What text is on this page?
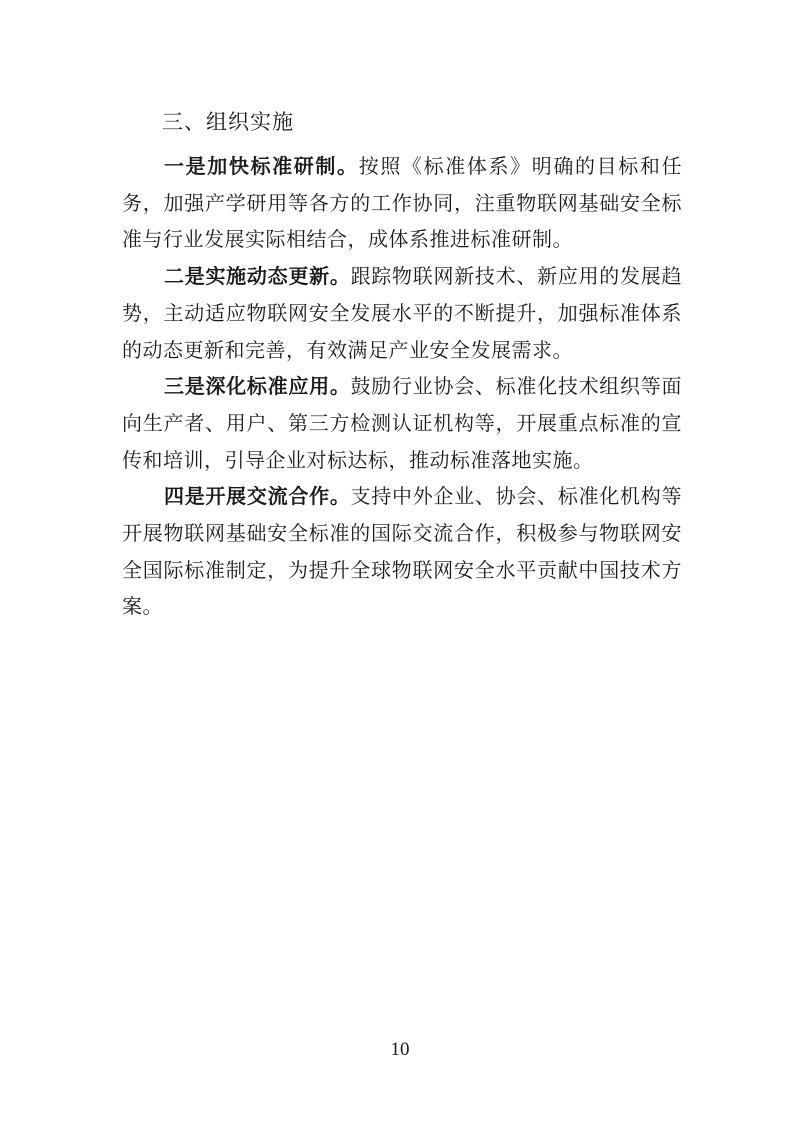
三、组织实施

一是加快标准研制。按照《标准体系》明确的目标和任务，加强产学研用等各方的工作协同，注重物联网基础安全标准与行业发展实际相结合，成体系推进标准研制。

二是实施动态更新。跟踪物联网新技术、新应用的发展趋势，主动适应物联网安全发展水平的不断提升，加强标准体系的动态更新和完善，有效满足产业安全发展需求。

三是深化标准应用。鼓励行业协会、标准化技术组织等面向生产者、用户、第三方检测认证机构等，开展重点标准的宣传和培训，引导企业对标达标，推动标准落地实施。

四是开展交流合作。支持中外企业、协会、标准化机构等开展物联网基础安全标准的国际交流合作，积极参与物联网安全国际标准制定，为提升全球物联网安全水平贡献中国技术方案。

10
